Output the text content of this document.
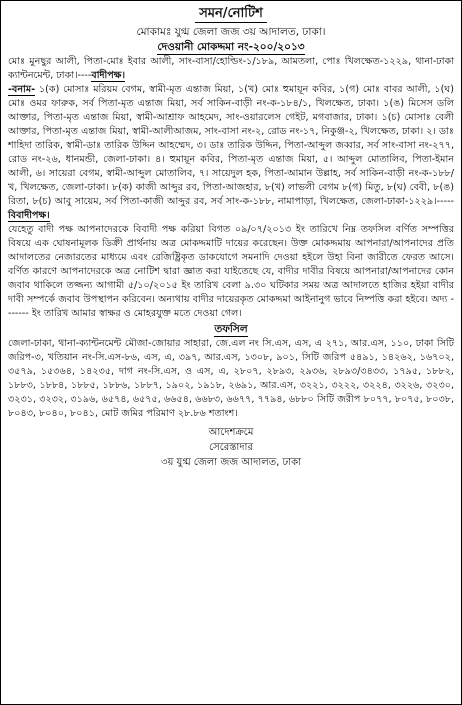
সমন/নোটিশ
মোকামঃ যুগ্ম জেলা জজ ৩য় আদালত, ঢাকা।
দেওয়ানী মোকদ্দমা নং-২০০/২০১৩

মোঃ মুনছুর আলী, পিতা-মোঃ ইবার আলী, সাং-বাসা/হোল্ডিং-১/১৮৯, আমতলা, পোঃ খিলক্ষেত-১২২৯, থানা-ঢাকা ক্যান্টনমেন্ট, ঢাকা।----বাদীপক্ষ।

-বনাম- ১(ক) মোসাঃ মরিয়ম বেগম, স্বামী-মৃত এন্তাজ মিয়া, ১(খ) মোঃ হুমায়ূন কবির, ১(গ) মোঃ বাবর আলী, ১(ঘ) মোঃ ওমর ফারুক, সর্ব পিতা-মৃত এন্তাজ মিয়া, সর্ব সাকিন-বাড়ী নং-ক-১৮৪/১, খিলক্ষেত, ঢাকা। ১(ঙ) মিসেস ডলি আক্তার, পিতা-মৃত এন্তাজ মিয়া, স্বামী-আশ্রাফ আহমেদ, সাং-ওয়ারলেস গেইট, মগবাজার, ঢাকা। ১(চ) মোসাঃ বেলী আক্তার, পিতা-মৃত এন্তাজ মিয়া, স্বামী-আলীআজম, সাং-বাসা নং-২, রোড নং-১৭, নিকুঞ্জ-২, খিলক্ষেত, ঢাকা। ২। ডাঃ শাহিদা তারিক, স্বামী-ডাঃ তারিক উদ্দিন আহম্মেদ, ৩। ডাঃ তারিক উদ্দিন, পিতা-আব্দুল জব্বার, সর্ব সাং-বাসা নং-২৭৭, রোড নং-২৬, ধানমন্ডী, জেলা-ঢাকা। ৪। হুমায়ূন কবির, পিতা-মৃত এন্তাজ মিয়া, ৫। আব্দুল মোতালিব, পিতা-ইমান আলী, ৬। সায়েরা বেগম, স্বামী-আব্দুল মোতালিব, ৭। সায়েদুল হক, পিতা-আমান উল্লাহ, সর্ব সাকিন-বাড়ী নং-ক-১৮৮/খ, খিলক্ষেত, জেলা-ঢাকা। ৮(ক) কাজী আব্দুর রব, পিতা-আজহার, ৮(খ) লাভলী বেগম ৮(গ) মিতু, ৮(ঘ) বেবী, ৮(ঙ) রিতা, ৮(চ) আবু সায়েম, সর্ব পিতা-কাজী আব্দুর রব, সর্ব সাং-ক-১৮৮, নামাপাড়া, খিলক্ষেত, জেলা-ঢাকা-১২২৯।-----বিবাদীপক্ষ।

যেহেতু বাদী পক্ষ আপনাদেরকে বিবাদী পক্ষ করিয়া বিগত ০৯/০৭/২০১৩ ইং তারিখে নিম্ন তফসিল বর্ণিত সম্পত্তির বিষয়ে এক ঘোষনামূলক ডিক্রী প্রার্থনায় অত্র মোকদ্দমাটি দায়ের করেছেন। উক্ত মোকদ্দমায় আপনারা/আপনাদের প্রতি আদালতের নেজারতের মাধ্যমে এবং রেজিষ্ট্রিকৃত ডাকযোগে সমনাদি দেওয়া হইলে উহা বিনা জারীতে ফেরত আসে। বর্ণিত কারণে আপনাদেরকে অত্র নোটিশ দ্বারা জ্ঞাত করা যাইতেছে যে, বাদীর দাবীর বিষয়ে আপনারা/আপনাদের কোন জবাব থাকিলে তজ্জন্য আগামী ৫/১০/২০১৫ ইং তারিখ বেলা ৯.৩০ ঘটিকার সময় অত্র আদালতে হাজির হইয়া বাদীর দাবী সম্পর্কে জবাব উপস্থাপন করিবেন। অন্যথায় বাদীর দায়েরকৃত মোকদ্দমা আইনানুগ ভাবে নিষ্পত্তি করা হইবে। অদ্য ------- ইং তারিখ আমার স্বাক্ষর ও মোহরযুক্ত মতে দেওয়া গেল।

তফসিল

জেলা-ঢাকা, থানা-ক্যান্টনমেন্ট মৌজা-জোয়ার সাহারা, জে.এল নং সি.এস, এস, এ ২৭১, আর.এস, ১১০, ঢাকা সিটি জরিপ-৩, খতিয়ান নং-সি.এস-৮৬, এস, এ, ৩৯৭, আর.এস, ১৩০৮, ৯০১, সিটি জরিপ ৫৪৯১, ১৪২৬২, ১৬৭০২, ৩৫৭৯, ১৫৩৬৪, ১৪২৩৫, দাগ নং-সি.এস, ও এস, এ, ২৮০৭, ২৮৯৩, ২৯৩৬, ২৮৯৩/৩৪৩৩, ১৭৯৫, ১৮৮২, ১৮৮৩, ১৮৮৪, ১৮৮৫, ১৮৮৬, ১৮৮৭, ১৯০২, ১৯১৮, ২৬৯১, আর.এস, ৩২২১, ৩২২২, ৩২২৪, ৩২২৬, ৩২৩০, ৩২৩১, ৩২৩২, ৩১৯৬, ৬৫৭৪, ৬৫৭৫, ৬৬৫৪, ৬৬৮৩, ৬৬৭৭, ৭৭৯৪, ৬৮৮০ সিটি জরীপ ৮০৭৭, ৮০৭৫, ৮০৩৮, ৮০৪৩, ৮০৪০, ৮০৪১, মোট জমির পরিমাণ ২৮.৮৬ শতাংশ।

আদেশক্রমে
সেরেস্তাদার
৩য় যুগ্ম জেলা জজ আদালত, ঢাকা
